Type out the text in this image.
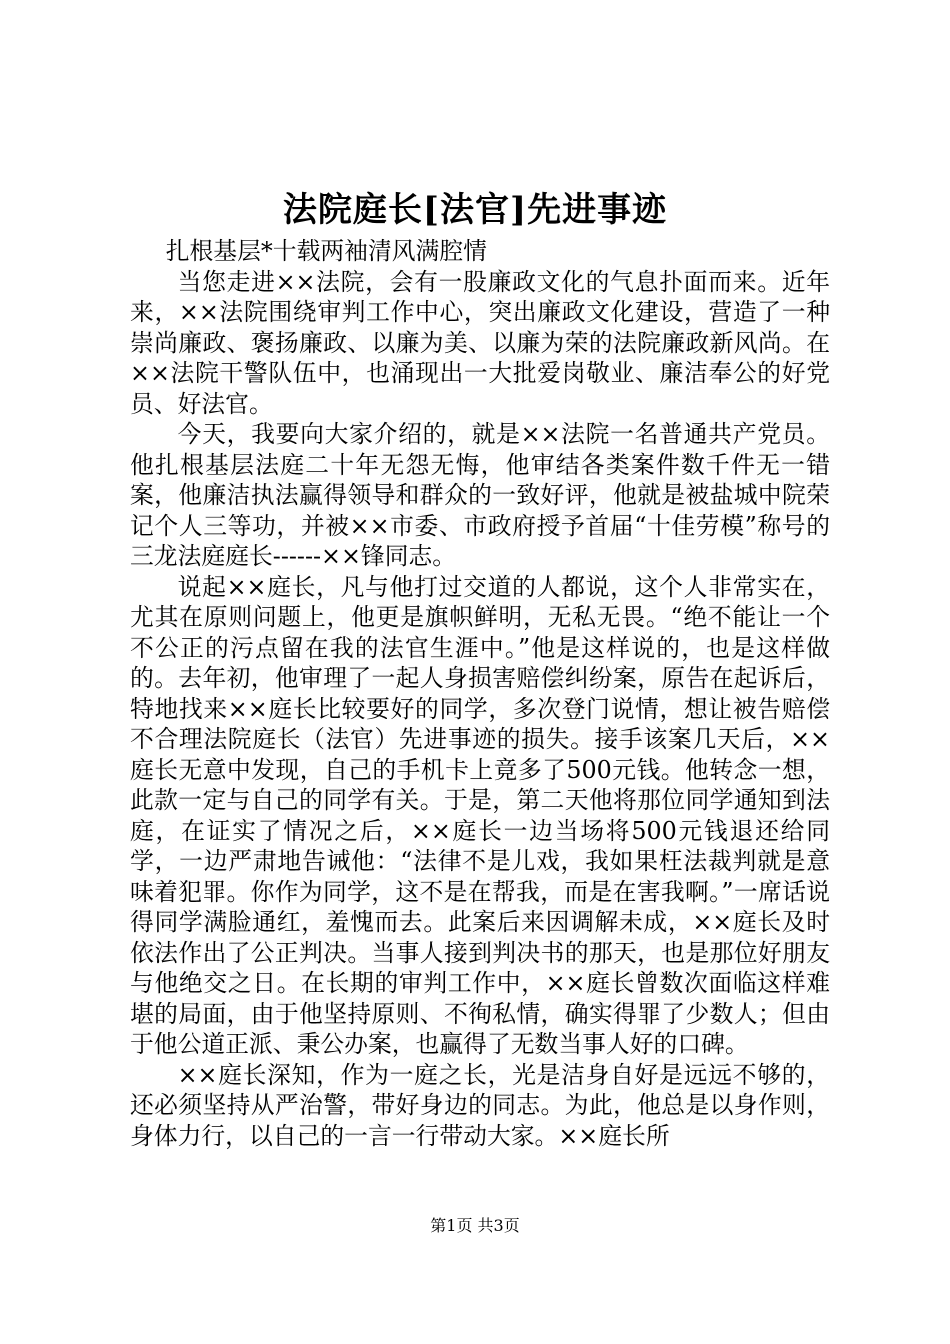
法院庭长[法官]先进事迹

扎根基层*十载两袖清风满腔情

当您走进××法院，会有一股廉政文化的气息扑面而来。近年来，××法院围绕审判工作中心，突出廉政文化建设，营造了一种崇尚廉政、褒扬廉政、以廉为美、以廉为荣的法院廉政新风尚。在××法院干警队伍中，也涌现出一大批爱岗敬业、廉洁奉公的好党员、好法官。

今天，我要向大家介绍的，就是××法院一名普通共产党员。他扎根基层法庭二十年无怨无悔，他审结各类案件数千件无一错案，他廉洁执法赢得领导和群众的一致好评，他就是被盐城中院荣记个人三等功，并被××市委、市政府授予首届“十佳劳模”称号的三龙法庭庭长------××锋同志。

说起××庭长，凡与他打过交道的人都说，这个人非常实在，尤其在原则问题上，他更是旗帜鲜明，无私无畏。“绝不能让一个不公正的污点留在我的法官生涯中。”他是这样说的，也是这样做的。去年初，他审理了一起人身损害赔偿纠纷案，原告在起诉后，特地找来××庭长比较要好的同学，多次登门说情，想让被告赔偿不合理法院庭长（法官）先进事迹的损失。接手该案几天后，××庭长无意中发现，自己的手机卡上竟多了500元钱。他转念一想，此款一定与自己的同学有关。于是，第二天他将那位同学通知到法庭，在证实了情况之后，××庭长一边当场将500元钱退还给同学，一边严肃地告诫他：“法律不是儿戏，我如果枉法裁判就是意味着犯罪。你作为同学，这不是在帮我，而是在害我啊。”一席话说得同学满脸通红，羞愧而去。此案后来因调解未成，××庭长及时依法作出了公正判决。当事人接到判决书的那天，也是那位好朋友与他绝交之日。在长期的审判工作中，××庭长曾数次面临这样难堪的局面，由于他坚持原则、不徇私情，确实得罪了少数人；但由于他公道正派、秉公办案，也赢得了无数当事人好的口碑。

××庭长深知，作为一庭之长，光是洁身自好是远远不够的，还必须坚持从严治警，带好身边的同志。为此，他总是以身作则，身体力行，以自己的一言一行带动大家。××庭长所

第1页 共3页
